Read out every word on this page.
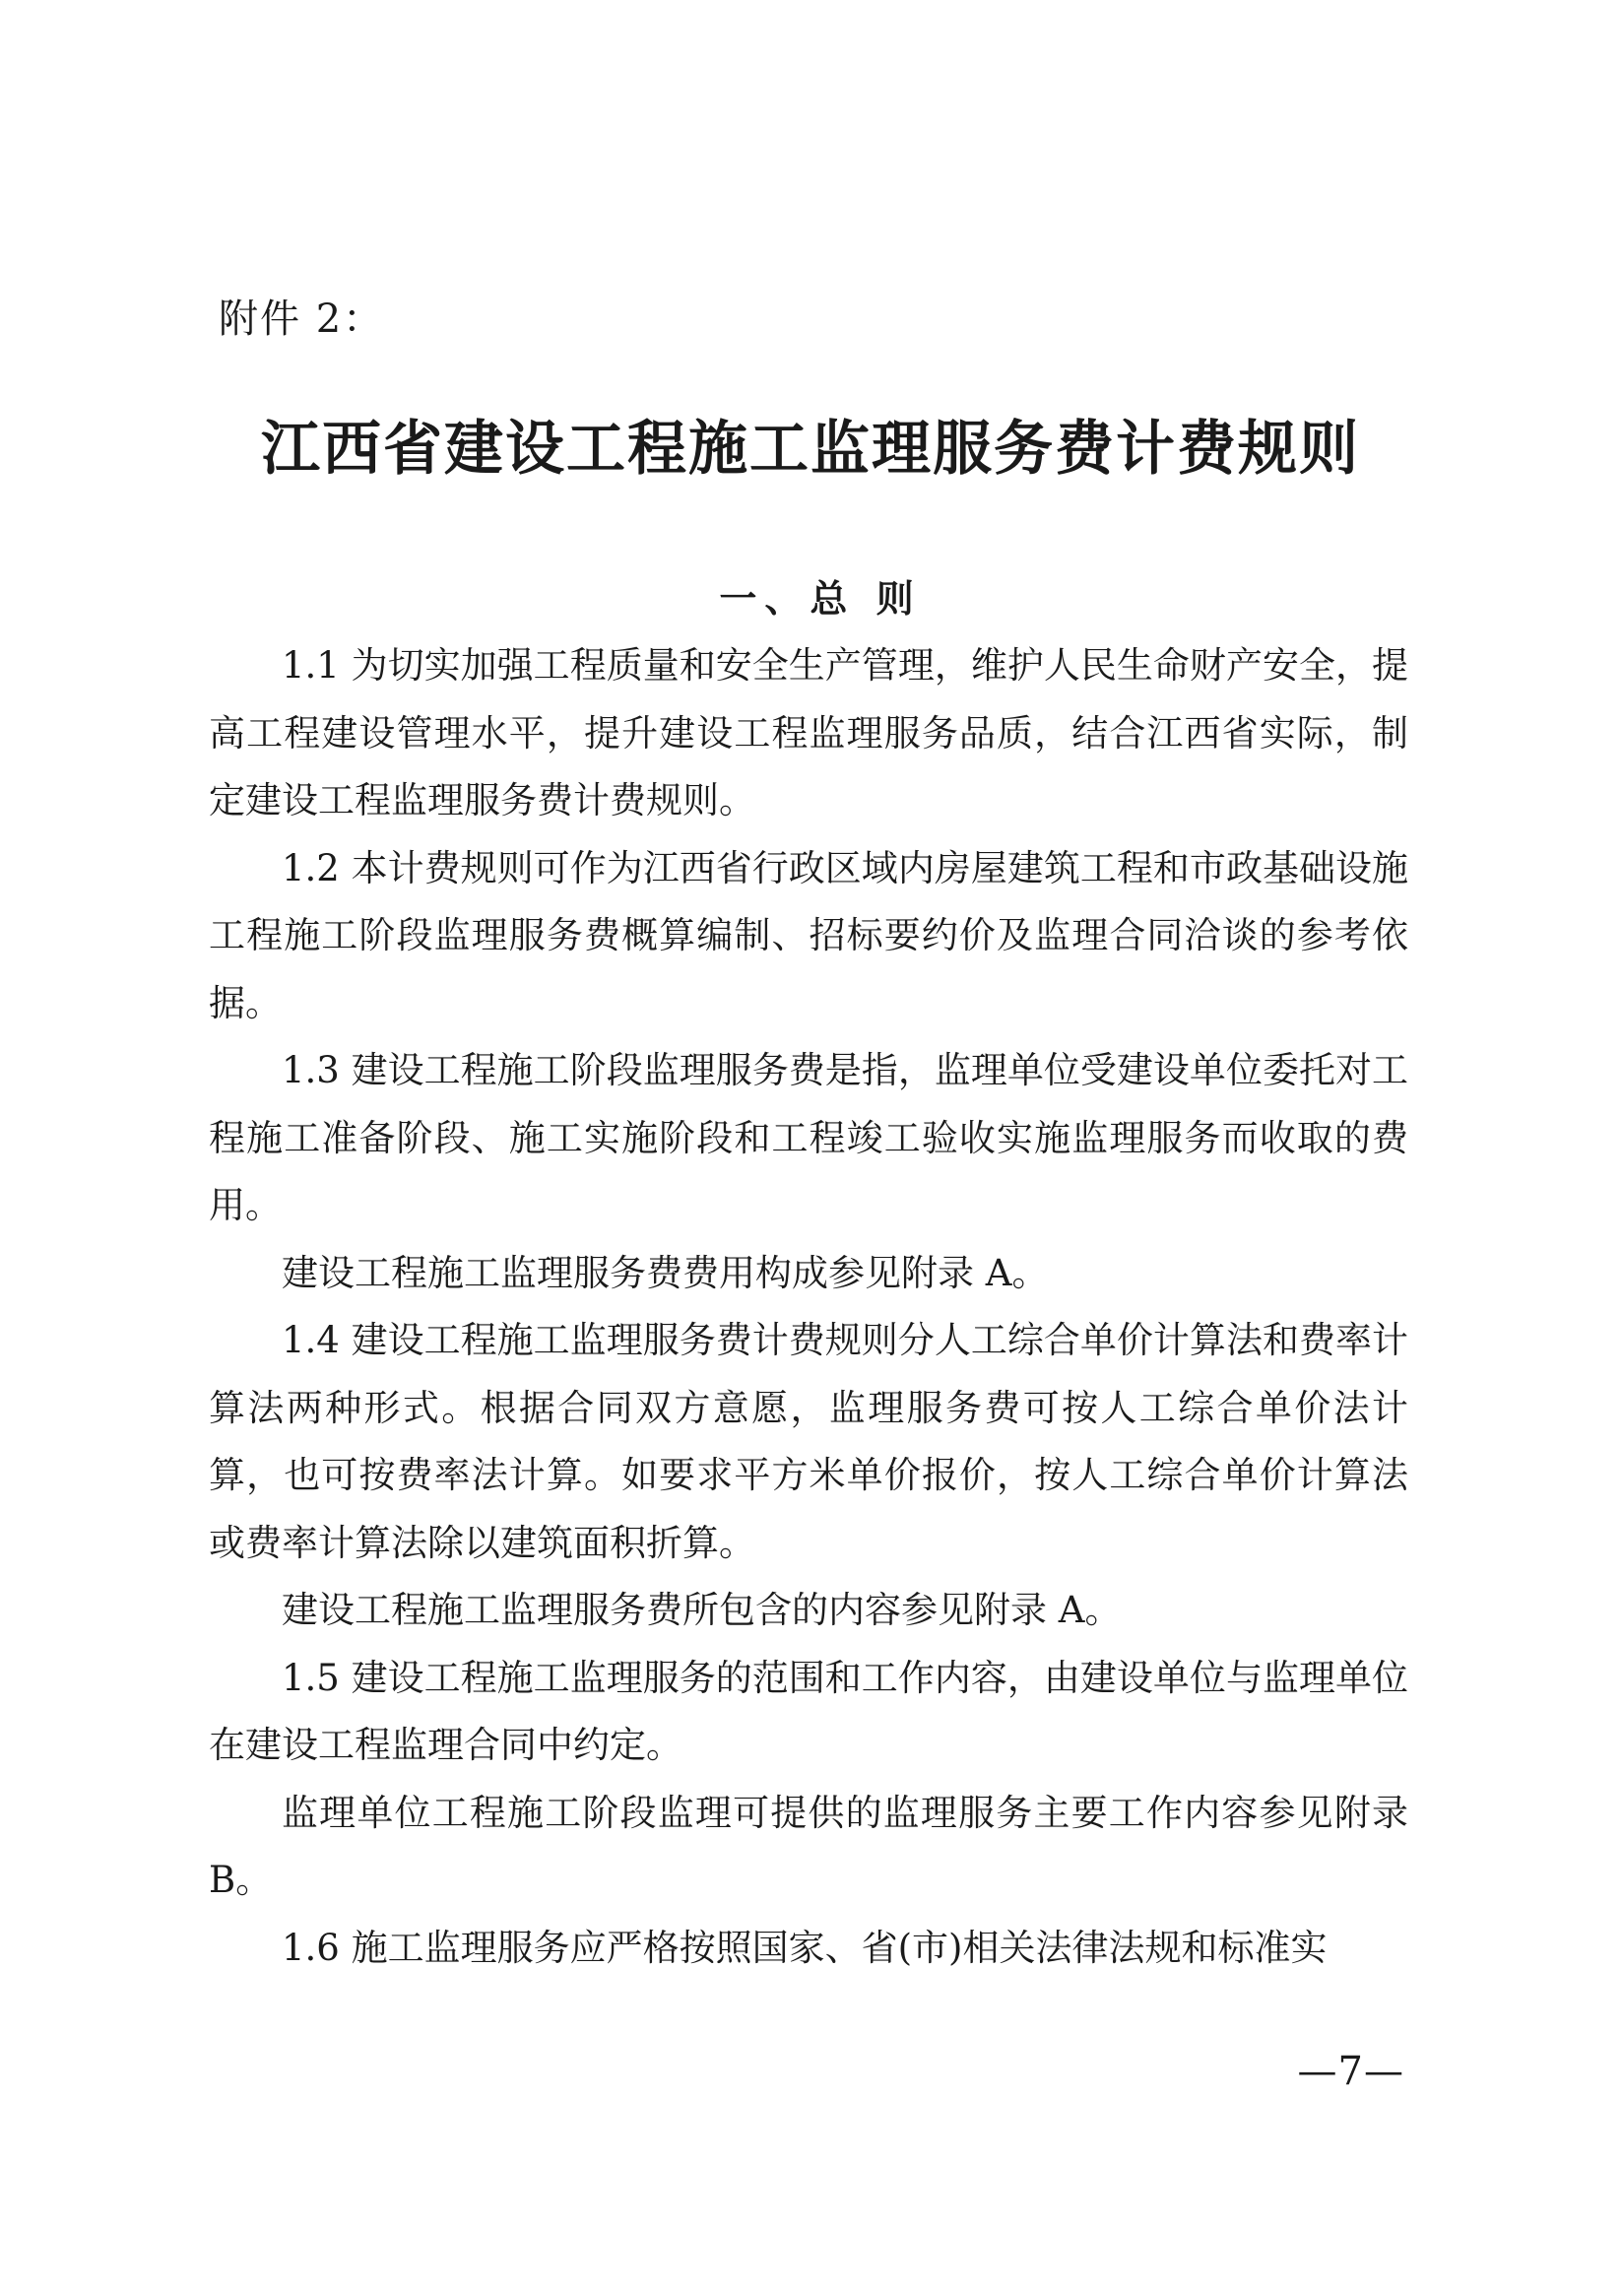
附件 2：
江西省建设工程施工监理服务费计费规则
一、总 则

1.1 为切实加强工程质量和安全生产管理，维护人民生命财产安全，提高工程建设管理水平，提升建设工程监理服务品质，结合江西省实际，制定建设工程监理服务费计费规则。

1.2 本计费规则可作为江西省行政区域内房屋建筑工程和市政基础设施工程施工阶段监理服务费概算编制、招标要约价及监理合同洽谈的参考依据。

1.3 建设工程施工阶段监理服务费是指，监理单位受建设单位委托对工程施工准备阶段、施工实施阶段和工程竣工验收实施监理服务而收取的费用。

建设工程施工监理服务费费用构成参见附录 A。

1.4 建设工程施工监理服务费计费规则分人工综合单价计算法和费率计算法两种形式。根据合同双方意愿，监理服务费可按人工综合单价法计算，也可按费率法计算。如要求平方米单价报价，按人工综合单价计算法或费率计算法除以建筑面积折算。

建设工程施工监理服务费所包含的内容参见附录 A。

1.5 建设工程施工监理服务的范围和工作内容，由建设单位与监理单位在建设工程监理合同中约定。

监理单位工程施工阶段监理可提供的监理服务主要工作内容参见附录 B。

1.6 施工监理服务应严格按照国家、省(市)相关法律法规和标准实

—7—
